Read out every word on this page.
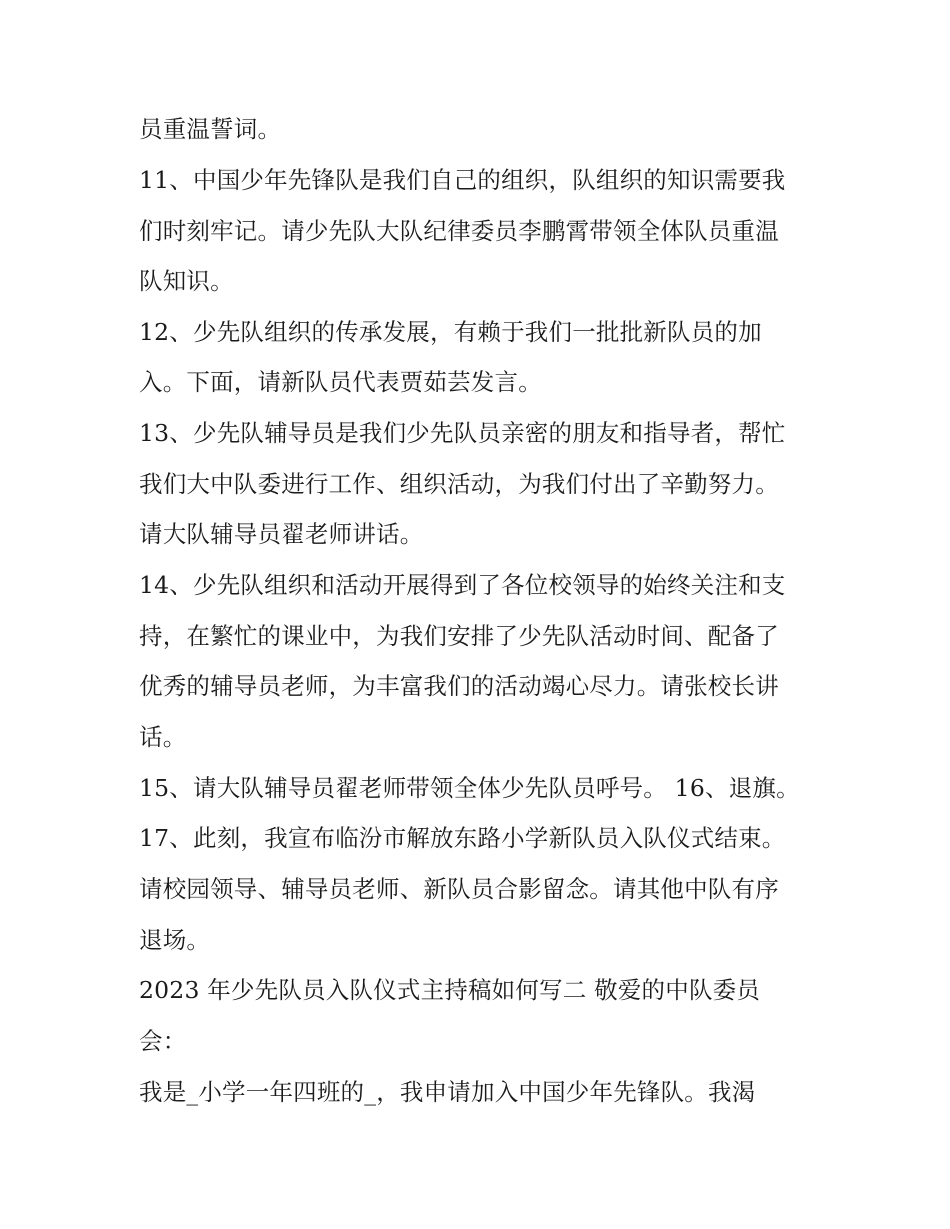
员重温誓词。
11、中国少年先锋队是我们自己的组织，队组织的知识需要我
们时刻牢记。请少先队大队纪律委员李鹏霄带领全体队员重温
队知识。
12、少先队组织的传承发展，有赖于我们一批批新队员的加
入。下面，请新队员代表贾茹芸发言。
13、少先队辅导员是我们少先队员亲密的朋友和指导者，帮忙
我们大中队委进行工作、组织活动，为我们付出了辛勤努力。
请大队辅导员翟老师讲话。
14、少先队组织和活动开展得到了各位校领导的始终关注和支
持，在繁忙的课业中，为我们安排了少先队活动时间、配备了
优秀的辅导员老师，为丰富我们的活动竭心尽力。请张校长讲
话。
15、请大队辅导员翟老师带领全体少先队员呼号。 16、退旗。
17、此刻，我宣布临汾市解放东路小学新队员入队仪式结束。
请校园领导、辅导员老师、新队员合影留念。请其他中队有序
退场。
2023 年少先队员入队仪式主持稿如何写二 敬爱的中队委员
会：
我是_小学一年四班的_，我申请加入中国少年先锋队。我渴
